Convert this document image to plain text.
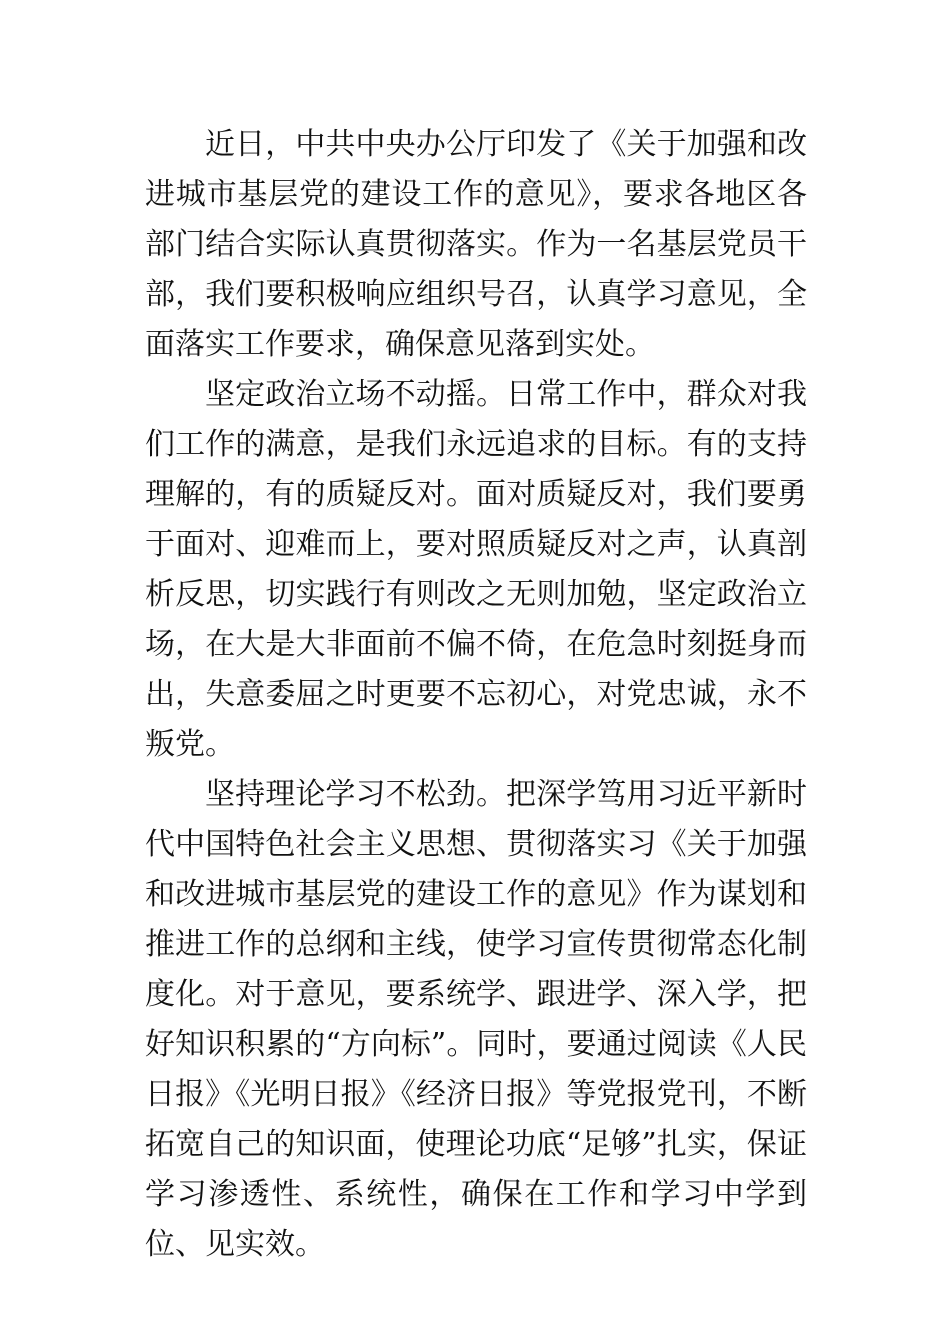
近日，中共中央办公厅印发了《关于加强和改进城市基层党的建设工作的意见》，要求各地区各部门结合实际认真贯彻落实。作为一名基层党员干部，我们要积极响应组织号召，认真学习意见，全面落实工作要求，确保意见落到实处。

坚定政治立场不动摇。日常工作中，群众对我们工作的满意，是我们永远追求的目标。有的支持理解的，有的质疑反对。面对质疑反对，我们要勇于面对、迎难而上，要对照质疑反对之声，认真剖析反思，切实践行有则改之无则加勉，坚定政治立场，在大是大非面前不偏不倚，在危急时刻挺身而出，失意委屈之时更要不忘初心，对党忠诚，永不叛党。

坚持理论学习不松劲。把深学笃用习近平新时代中国特色社会主义思想、贯彻落实习《关于加强和改进城市基层党的建设工作的意见》作为谋划和推进工作的总纲和主线，使学习宣传贯彻常态化制度化。对于意见，要系统学、跟进学、深入学，把好知识积累的“方向标”。同时，要通过阅读《人民日报》《光明日报》《经济日报》等党报党刊，不断拓宽自己的知识面，使理论功底“足够”扎实，保证学习渗透性、系统性，确保在工作和学习中学到位、见实效。
